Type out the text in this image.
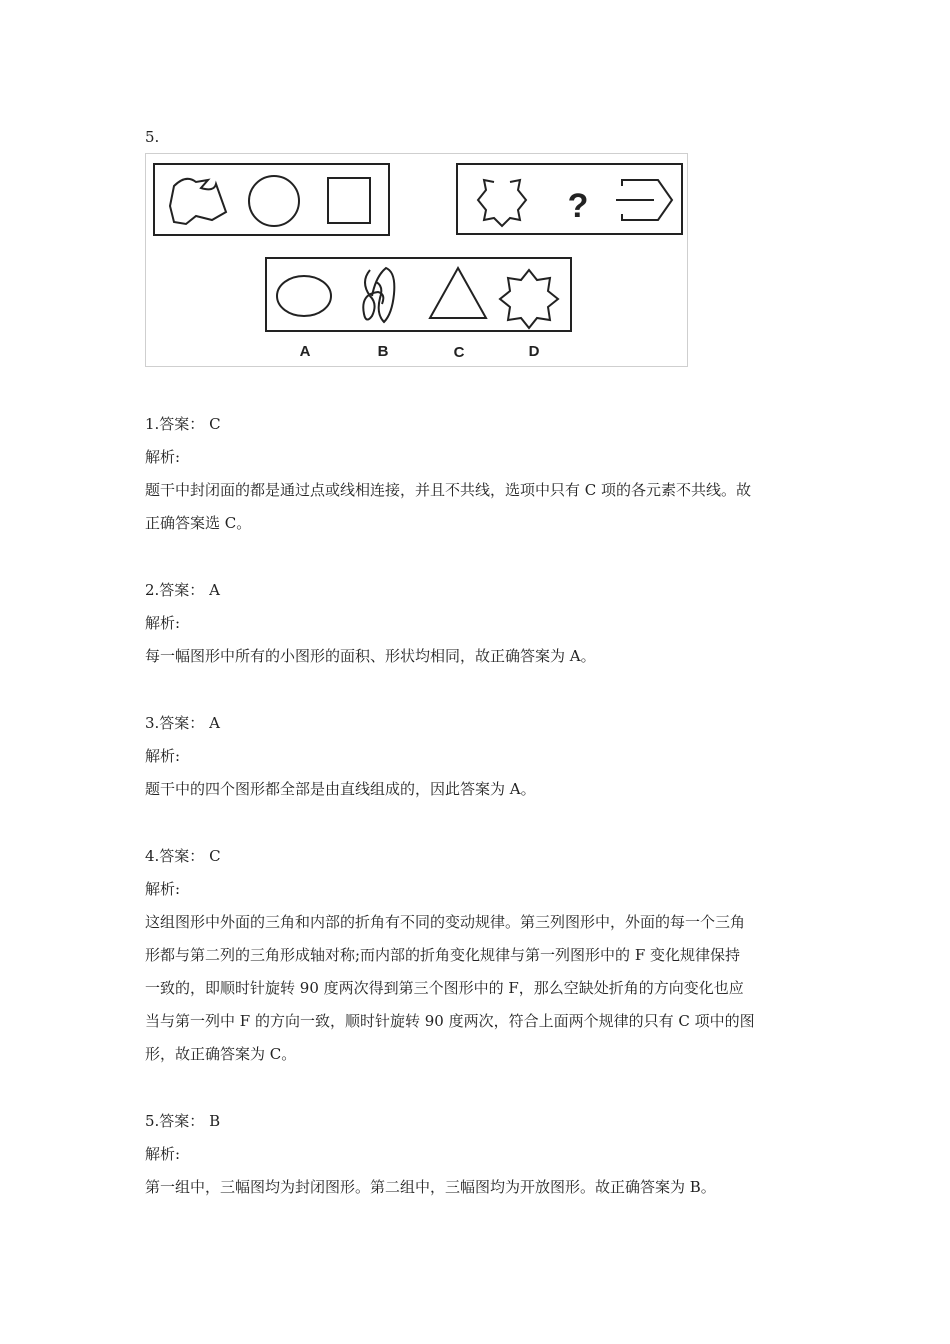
5.
?
A	B	C	D

1.答案： C

解析:

题干中封闭面的都是通过点或线相连接，并且不共线，选项中只有 C 项的各元素不共线。故

正确答案选 C。

2.答案： A

解析:

每一幅图形中所有的小图形的面积、形状均相同，故正确答案为 A。

3.答案： A

解析:

题干中的四个图形都全部是由直线组成的，因此答案为 A。

4.答案： C

解析:

这组图形中外面的三角和内部的折角有不同的变动规律。第三列图形中，外面的每一个三角

形都与第二列的三角形成轴对称;而内部的折角变化规律与第一列图形中的 F 变化规律保持

一致的，即顺时针旋转 90 度两次得到第三个图形中的 F，那么空缺处折角的方向变化也应

当与第一列中 F 的方向一致，顺时针旋转 90 度两次，符合上面两个规律的只有 C 项中的图

形，故正确答案为 C。

5.答案： B

解析:

第一组中，三幅图均为封闭图形。第二组中，三幅图均为开放图形。故正确答案为 B。
